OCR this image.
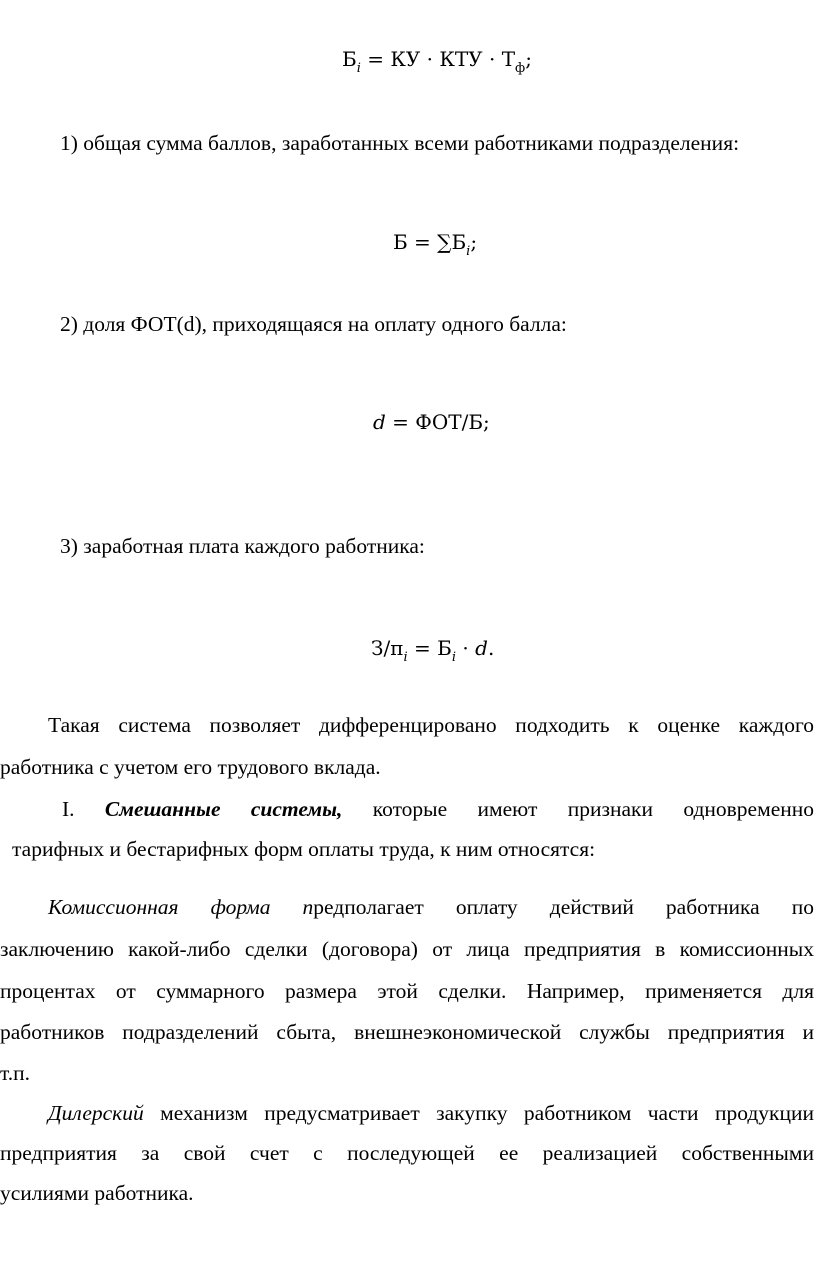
$Б_i$ = КУ · КТУ · $Т_ф$;
1) общая сумма баллов, заработанных всеми работниками подразделения:
$Б = \sum Б_i$;
2) доля ФОТ(d), приходящаяся на оплату одного балла:
d = ФОТ/Б;
3) заработная плата каждого работника:
$З/п_i = Б_i \cdot d$.
Такая система позволяет дифференцировано подходить к оценке каждого
работника с учетом его трудового вклада.
I. Смешанные системы, которые имеют признаки одновременно
тарифных и бестарифных форм оплаты труда, к ним относятся:
Комиссионная форма предполагает оплату действий работника по
заключению какой-либо сделки (договора) от лица предприятия в комиссионных
процентах от суммарного размера этой сделки. Например, применяется для
работников подразделений сбыта, внешнеэкономической службы предприятия и
т.п.
Дилерский механизм предусматривает закупку работником части продукции
предприятия за свой счет с последующей ее реализацией собственными
усилиями работника.
